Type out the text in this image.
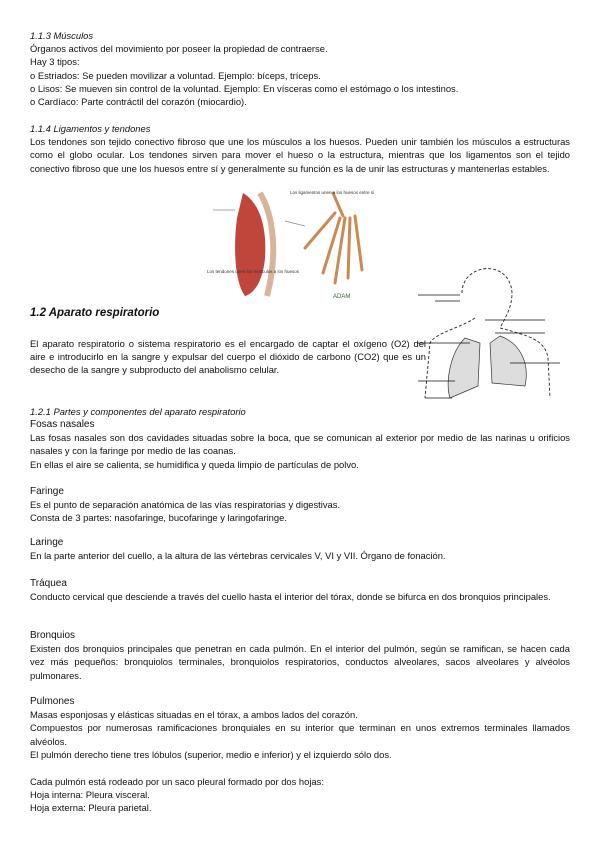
1.1.3 Músculos

Órganos activos del movimiento por poseer la propiedad de contraerse.

Hay 3 tipos:

o Estriados: Se pueden movilizar a voluntad. Ejemplo: bíceps, tríceps.

o Lisos: Se mueven sin control de la voluntad. Ejemplo: En vísceras como el estómago o los intestinos.

o Cardíaco: Parte contráctil del corazón (miocardio).

1.1.4 Ligamentos y tendones

Los tendones son tejido conectivo fibroso que une los músculos a los huesos. Pueden unir también los músculos a estructuras como el globo ocular. Los tendones sirven para mover el hueso o la estructura, mientras que los ligamentos son el tejido conectivo fibroso que une los huesos entre sí y generalmente su función es la de unir las estructuras y mantenerlas estables.

Los tendones unen los músculos a los huesos
Los ligamentos unen a los huesos entre sí
ADAM

1.2 Aparato respiratorio

El aparato respiratorio o sistema respiratorio es el encargado de captar el oxígeno (O2) del aire e introducirlo en la sangre y expulsar del cuerpo el dióxido de carbono (CO2) que es un desecho de la sangre y subproducto del anabolismo celular.

1.2.1 Partes y componentes del aparato respiratorio

Fosas nasales

Las fosas nasales son dos cavidades situadas sobre la boca, que se comunican al exterior por medio de las narinas u orificios nasales y con la faringe por medio de las coanas.

En ellas el aire se calienta, se humidifica y queda limpio de partículas de polvo.

Faringe

Es el punto de separación anatómica de las vías respiratorias y digestivas.

Consta de 3 partes: nasofaringe, bucofaringe y laringofaringe.

Laringe

En la parte anterior del cuello, a la altura de las vértebras cervicales V, VI y VII. Órgano de fonación.

Tráquea

Conducto cervical que desciende a través del cuello hasta el interior del tórax, donde se bifurca en dos bronquios principales.

Bronquios

Existen dos bronquios principales que penetran en cada pulmón. En el interior del pulmón, según se ramifican, se hacen cada vez más pequeños: bronquiolos terminales, bronquiolos respiratorios, conductos alveolares, sacos alveolares y alvéolos pulmonares.

Pulmones

Masas esponjosas y elásticas situadas en el tórax, a ambos lados del corazón.

Compuestos por numerosas ramificaciones bronquiales en su interior que terminan en unos extremos terminales llamados alvéolos.

El pulmón derecho tiene tres lóbulos (superior, medio e inferior) y el izquierdo sólo dos.

Cada pulmón está rodeado por un saco pleural formado por dos hojas:

Hoja interna: Pleura visceral.

Hoja externa: Pleura parietal.
